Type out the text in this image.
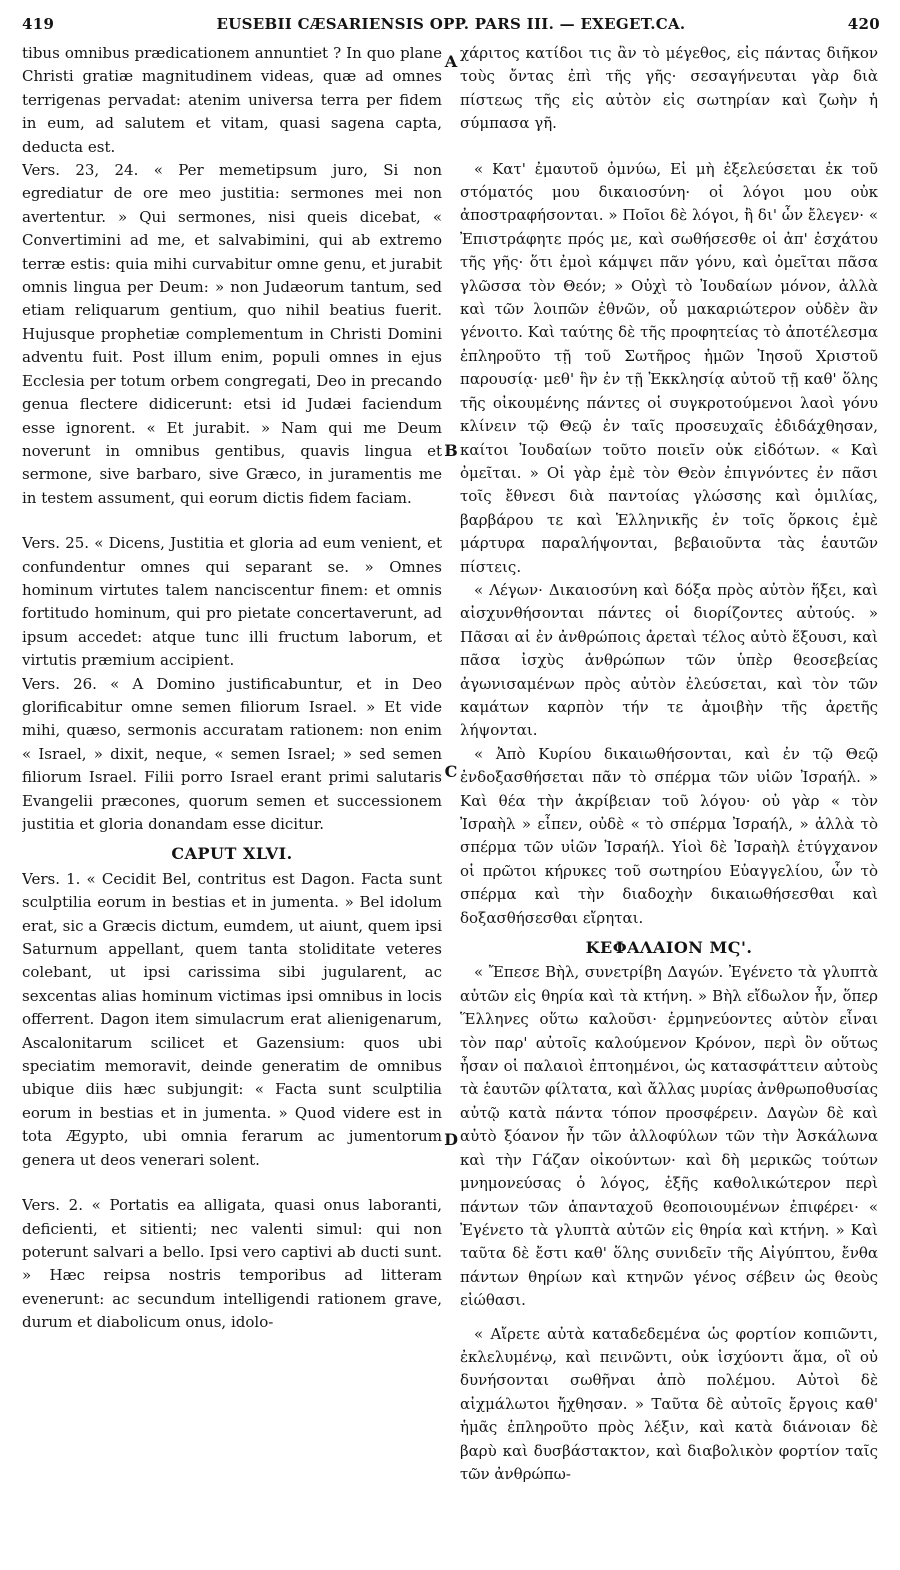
419	EUSEBII CÆSARIENSIS OPP. PARS III. — EXEGET.CA.	420
A
B
C
D

tibus omnibus prædicationem annuntiet ? In quo plane Christi gratiæ magnitudinem videas, quæ ad omnes terrigenas pervadat: atenim universa terra per fidem in eum, ad salutem et vitam, quasi sagena capta, deducta est.

Vers. 23, 24. « Per memetipsum juro, Si non egrediatur de ore meo justitia: sermones mei non avertentur. » Qui sermones, nisi queis dicebat, « Convertimini ad me, et salvabimini, qui ab extremo terræ estis: quia mihi curvabitur omne genu, et jurabit omnis lingua per Deum: » non Judæorum tantum, sed etiam reliquarum gentium, quo nihil beatius fuerit. Hujusque prophetiæ complementum in Christi Domini adventu fuit. Post illum enim, populi omnes in ejus Ecclesia per totum orbem congregati, Deo in precando genua flectere didicerunt: etsi id Judæi faciendum esse ignorent. « Et jurabit. » Nam qui me Deum noverunt in omnibus gentibus, quavis lingua et sermone, sive barbaro, sive Græco, in juramentis me in testem assument, qui eorum dictis fidem faciam.

Vers. 25. « Dicens, Justitia et gloria ad eum venient, et confundentur omnes qui separant se. » Omnes hominum virtutes talem nanciscentur finem: et omnis fortitudo hominum, qui pro pietate concertaverunt, ad ipsum accedet: atque tunc illi fructum laborum, et virtutis præmium accipient.

Vers. 26. « A Domino justificabuntur, et in Deo glorificabitur omne semen filiorum Israel. » Et vide mihi, quæso, sermonis accuratam rationem: non enim « Israel, » dixit, neque, « semen Israel; » sed semen filiorum Israel. Filii porro Israel erant primi salutaris Evangelii præcones, quorum semen et successionem justitia et gloria donandam esse dicitur.

CAPUT XLVI.

Vers. 1. « Cecidit Bel, contritus est Dagon. Facta sunt sculptilia eorum in bestias et in jumenta. » Bel idolum erat, sic a Græcis dictum, eumdem, ut aiunt, quem ipsi Saturnum appellant, quem tanta stoliditate veteres colebant, ut ipsi carissima sibi jugularent, ac sexcentas alias hominum victimas ipsi omnibus in locis offerrent. Dagon item simulacrum erat alienigenarum, Ascalonitarum scilicet et Gazensium: quos ubi speciatim memoravit, deinde generatim de omnibus ubique diis hæc subjungit: « Facta sunt sculptilia eorum in bestias et in jumenta. » Quod videre est in tota Ægypto, ubi omnia ferarum ac jumentorum genera ut deos venerari solent.

Vers. 2. « Portatis ea alligata, quasi onus laboranti, deficienti, et sitienti; nec valenti simul: qui non poterunt salvari a bello. Ipsi vero captivi ab ducti sunt. » Hæc reipsa nostris temporibus ad litteram evenerunt: ac secundum intelligendi rationem grave, durum et diabolicum onus, idolo-

χάριτος κατίδοι τις ἂν τὸ μέγεθος, εἰς πάντας διῆκον τοὺς ὄντας ἐπὶ τῆς γῆς· σεσαγήνευται γὰρ διὰ πίστεως τῆς εἰς αὐτὸν εἰς σωτηρίαν καὶ ζωὴν ἡ σύμπασα γῆ.

« Κατ' ἐμαυτοῦ ὀμνύω, Εἰ μὴ ἐξελεύσεται ἐκ τοῦ στόματός μου δικαιοσύνη· οἱ λόγοι μου οὐκ ἀποστραφήσονται. » Ποῖοι δὲ λόγοι, ἢ δι' ὧν ἔλεγεν· « Ἐπιστράφητε πρός με, καὶ σωθήσεσθε οἱ ἀπ' ἐσχάτου τῆς γῆς· ὅτι ἐμοὶ κάμψει πᾶν γόνυ, καὶ ὀμεῖται πᾶσα γλῶσσα τὸν Θεόν; » Οὐχὶ τὸ Ἰουδαίων μόνον, ἀλλὰ καὶ τῶν λοιπῶν ἐθνῶν, οὗ μακαριώτερον οὐδὲν ἂν γένοιτο. Καὶ ταύτης δὲ τῆς προφητείας τὸ ἀποτέλεσμα ἐπληροῦτο τῇ τοῦ Σωτῆρος ἡμῶν Ἰησοῦ Χριστοῦ παρουσίᾳ· μεθ' ἣν ἐν τῇ Ἐκκλησίᾳ αὐτοῦ τῇ καθ' ὅλης τῆς οἰκουμένης πάντες οἱ συγκροτούμενοι λαοὶ γόνυ κλίνειν τῷ Θεῷ ἐν ταῖς προσευχαῖς ἐδιδάχθησαν, καίτοι Ἰουδαίων τοῦτο ποιεῖν οὐκ εἰδότων. « Καὶ ὀμεῖται. » Οἱ γὰρ ἐμὲ τὸν Θεὸν ἐπιγνόντες ἐν πᾶσι τοῖς ἔθνεσι διὰ παντοίας γλώσσης καὶ ὁμιλίας, βαρβάρου τε καὶ Ἑλληνικῆς ἐν τοῖς ὅρκοις ἐμὲ μάρτυρα παραλήψονται, βεβαιοῦντα τὰς ἑαυτῶν πίστεις.

« Λέγων· Δικαιοσύνη καὶ δόξα πρὸς αὐτὸν ἥξει, καὶ αἰσχυνθήσονται πάντες οἱ διορίζοντες αὐτούς. » Πᾶσαι αἱ ἐν ἀνθρώποις ἀρεταὶ τέλος αὐτὸ ἕξουσι, καὶ πᾶσα ἰσχὺς ἀνθρώπων τῶν ὑπὲρ θεοσεβείας ἀγωνισαμένων πρὸς αὐτὸν ἐλεύσεται, καὶ τὸν τῶν καμάτων καρπὸν τήν τε ἀμοιβὴν τῆς ἀρετῆς λήψονται.

« Ἀπὸ Κυρίου δικαιωθήσονται, καὶ ἐν τῷ Θεῷ ἐνδοξασθήσεται πᾶν τὸ σπέρμα τῶν υἱῶν Ἰσραήλ. » Καὶ θέα τὴν ἀκρίβειαν τοῦ λόγου· οὐ γὰρ « τὸν Ἰσραὴλ » εἶπεν, οὐδὲ « τὸ σπέρμα Ἰσραήλ, » ἀλλὰ τὸ σπέρμα τῶν υἱῶν Ἰσραήλ. Υἱοὶ δὲ Ἰσραὴλ ἐτύγχανον οἱ πρῶτοι κήρυκες τοῦ σωτηρίου Εὐαγγελίου, ὧν τὸ σπέρμα καὶ τὴν διαδοχὴν δικαιωθήσεσθαι καὶ δοξασθήσεσθαι εἴρηται.

ΚΕΦΑΛΑΙΟΝ ΜϚ'.

« Ἔπεσε Βὴλ, συνετρίβη Δαγών. Ἐγένετο τὰ γλυπτὰ αὐτῶν εἰς θηρία καὶ τὰ κτήνη. » Βὴλ εἴδωλον ἦν, ὅπερ Ἕλληνες οὕτω καλοῦσι· ἑρμηνεύοντες αὐτὸν εἶναι τὸν παρ' αὐτοῖς καλούμενον Κρόνον, περὶ ὃν οὕτως ἦσαν οἱ παλαιοὶ ἐπτοημένοι, ὡς κατασφάττειν αὐτοὺς τὰ ἑαυτῶν φίλτατα, καὶ ἄλλας μυρίας ἀνθρωποθυσίας αὐτῷ κατὰ πάντα τόπον προσφέρειν. Δαγὼν δὲ καὶ αὐτὸ ξόανον ἦν τῶν ἀλλοφύλων τῶν τὴν Ἀσκάλωνα καὶ τὴν Γάζαν οἰκούντων· καὶ δὴ μερικῶς τούτων μνημονεύσας ὁ λόγος, ἑξῆς καθολικώτερον περὶ πάντων τῶν ἁπανταχοῦ θεοποιουμένων ἐπιφέρει· « Ἐγένετο τὰ γλυπτὰ αὐτῶν εἰς θηρία καὶ κτήνη. » Καὶ ταῦτα δὲ ἔστι καθ' ὅλης συνιδεῖν τῆς Αἰγύπτου, ἔνθα πάντων θηρίων καὶ κτηνῶν γένος σέβειν ὡς θεοὺς εἰώθασι.

« Αἴρετε αὐτὰ καταδεδεμένα ὡς φορτίον κοπιῶντι, ἐκλελυμένῳ, καὶ πεινῶντι, οὐκ ἰσχύοντι ἅμα, οἳ οὐ δυνήσονται σωθῆναι ἀπὸ πολέμου. Αὐτοὶ δὲ αἰχμάλωτοι ἤχθησαν. » Ταῦτα δὲ αὐτοῖς ἔργοις καθ' ἡμᾶς ἐπληροῦτο πρὸς λέξιν, καὶ κατὰ διάνοιαν δὲ βαρὺ καὶ δυσβάστακτον, καὶ διαβολικὸν φορτίον ταῖς τῶν ἀνθρώπω-
